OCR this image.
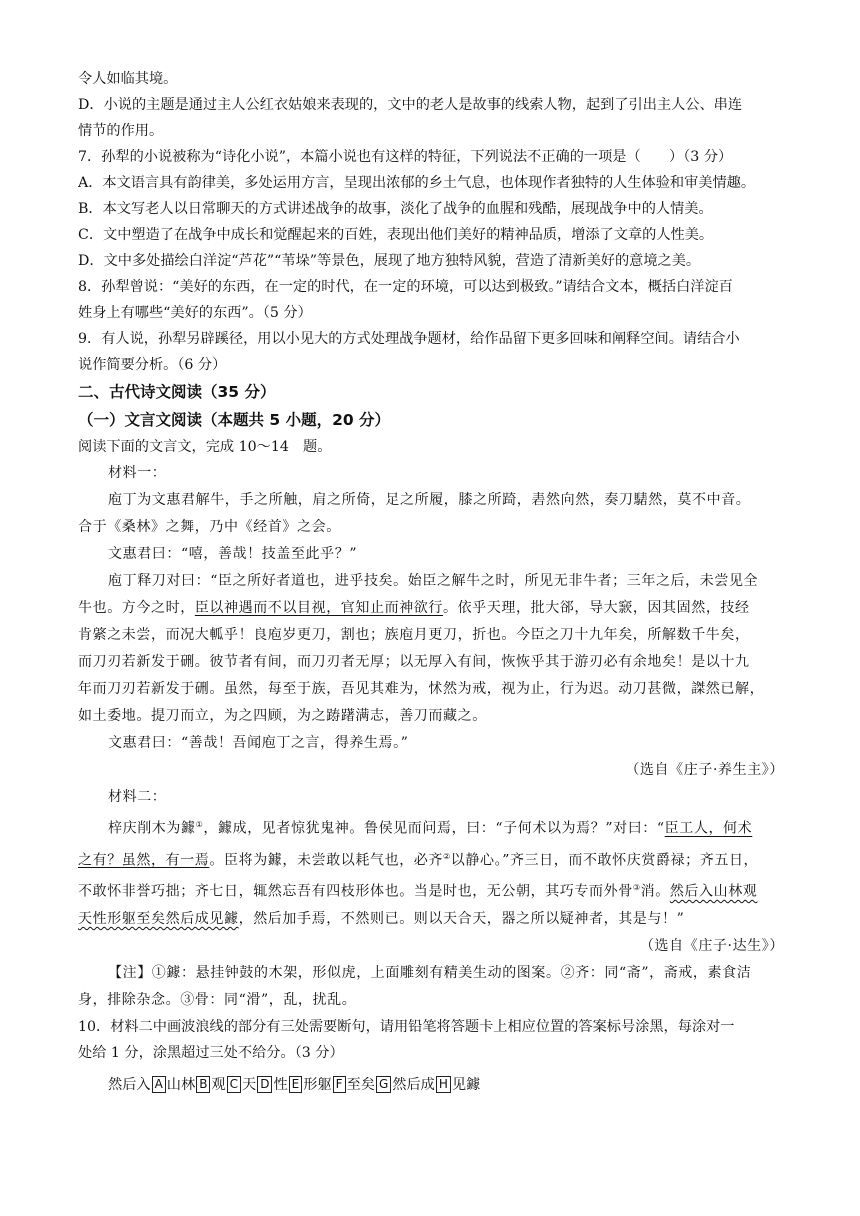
令人如临其境。
D．小说的主题是通过主人公红衣姑娘来表现的，文中的老人是故事的线索人物，起到了引出主人公、串连
情节的作用。
7．孙犁的小说被称为“诗化小说”，本篇小说也有这样的特征，下列说法不正确的一项是（　　）（3 分）
A．本文语言具有韵律美，多处运用方言，呈现出浓郁的乡土气息，也体现作者独特的人生体验和审美情趣。
B．本文写老人以日常聊天的方式讲述战争的故事，淡化了战争的血腥和残酷，展现战争中的人情美。
C．文中塑造了在战争中成长和觉醒起来的百姓，表现出他们美好的精神品质，增添了文章的人性美。
D．文中多处描绘白洋淀“芦花”“苇垛”等景色，展现了地方独特风貌，营造了清新美好的意境之美。
8．孙犁曾说：“美好的东西，在一定的时代，在一定的环境，可以达到极致。”请结合文本，概括白洋淀百
姓身上有哪些“美好的东西”。（5 分）
9．有人说，孙犁另辟蹊径，用以小见大的方式处理战争题材，给作品留下更多回味和阐释空间。请结合小
说作简要分析。（6 分）
二、古代诗文阅读（35 分）
（一）文言文阅读（本题共 5 小题，20 分）
阅读下面的文言文，完成 10～14　题。
材料一：
庖丁为文惠君解牛，手之所触，肩之所倚，足之所履，膝之所踦，砉然向然，奏刀騞然，莫不中音。
合于《桑林》之舞，乃中《经首》之会。
文惠君曰：“嘻，善哉！技盖至此乎？”
庖丁释刀对曰：“臣之所好者道也，进乎技矣。始臣之解牛之时，所见无非牛者；三年之后，未尝见全
牛也。方今之时，臣以神遇而不以目视，官知止而神欲行。依乎天理，批大郤，导大窾，因其固然，技经
肯綮之未尝，而况大軱乎！良庖岁更刀，割也；族庖月更刀，折也。今臣之刀十九年矣，所解数千牛矣，
而刀刃若新发于硎。彼节者有间，而刀刃者无厚；以无厚入有间，恢恢乎其于游刃必有余地矣！是以十九
年而刀刃若新发于硎。虽然，每至于族，吾见其难为，怵然为戒，视为止，行为迟。动刀甚微，謋然已解，
如土委地。提刀而立，为之四顾，为之踌躇满志，善刀而藏之。
文惠君曰：“善哉！吾闻庖丁之言，得养生焉。”
（选自《庄子·养生主》）
材料二：
梓庆削木为鐻①，鐻成，见者惊犹鬼神。鲁侯见而问焉，曰：“子何术以为焉？”对曰：“臣工人，何术
之有？虽然，有一焉。臣将为鐻，未尝敢以耗气也，必齐②以静心。”齐三日，而不敢怀庆赏爵禄；齐五日，
不敢怀非誉巧拙；齐七日，辄然忘吾有四枝形体也。当是时也，无公朝，其巧专而外骨③消。然后入山林观
天性形躯至矣然后成见鐻，然后加手焉，不然则已。则以天合天，器之所以疑神者，其是与！”
（选自《庄子·达生》）
【注】①鐻：悬挂钟鼓的木架，形似虎，上面雕刻有精美生动的图案。②齐：同“斋”，斋戒，素食洁
身，排除杂念。③骨：同“滑”，乱，扰乱。
10．材料二中画波浪线的部分有三处需要断句，请用铅笔将答题卡上相应位置的答案标号涂黑，每涂对一
处给 1 分，涂黑超过三处不给分。（3 分）
然后入 A 山林 B 观 C 天 D 性 E 形躯 F 至矣 G 然后成 H 见鐻
